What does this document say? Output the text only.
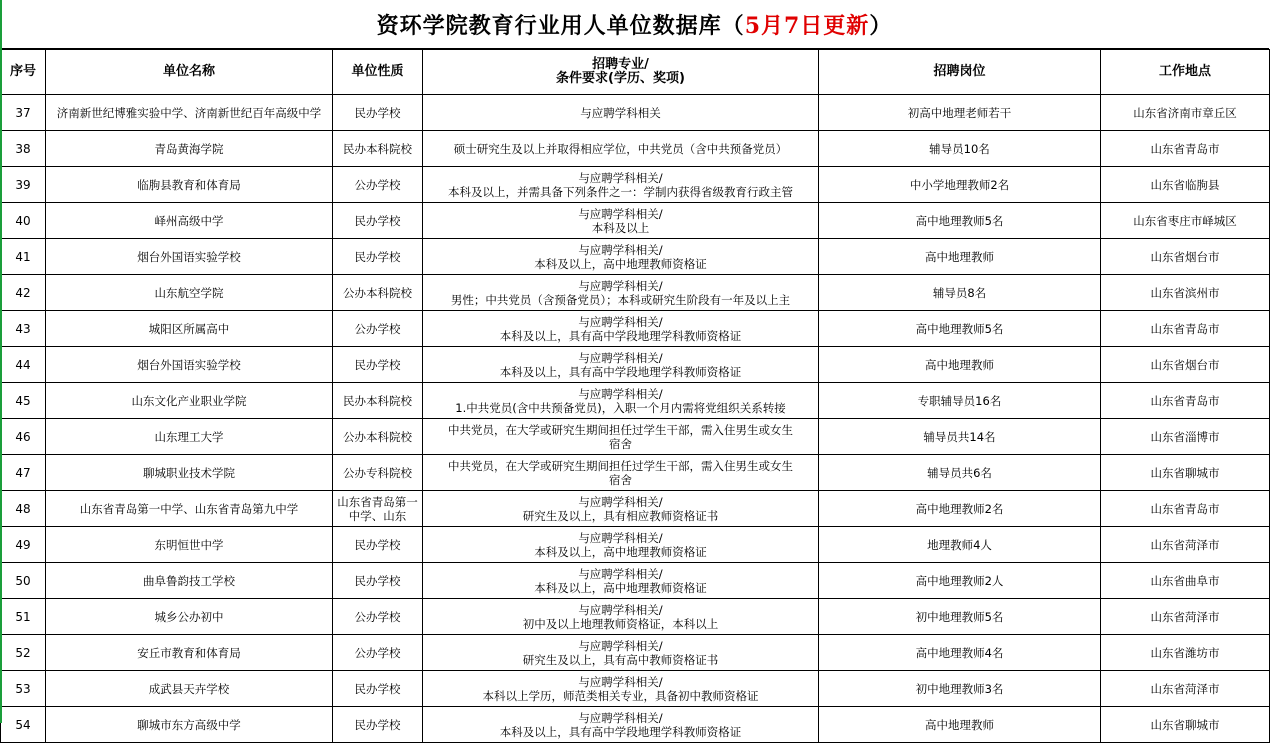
资环学院教育行业用人单位数据库（ 5月7日更新 ）
序号	单位名称	单位性质	招聘专业/
条件要求(学历、奖项)	招聘岗位	工作地点

37	济南新世纪博雅实验中学、济南新世纪百年高级中学	民办学校	与应聘学科相关	初高中地理老师若干	山东省济南市章丘区

38	青岛黄海学院	民办本科院校	硕士研究生及以上并取得相应学位，中共党员（含中共预备党员）	辅导员10名	山东省青岛市

39	临朐县教育和体育局	公办学校	与应聘学科相关/
本科及以上，并需具备下列条件之一：学制内获得省级教育行政主管	中小学地理教师2名	山东省临朐县

40	峄州高级中学	民办学校	与应聘学科相关/
本科及以上	高中地理教师5名	山东省枣庄市峄城区

41	烟台外国语实验学校	民办学校	与应聘学科相关/
本科及以上，高中地理教师资格证	高中地理教师	山东省烟台市

42	山东航空学院	公办本科院校	与应聘学科相关/
男性；中共党员（含预备党员）；本科或研究生阶段有一年及以上主	辅导员8名	山东省滨州市

43	城阳区所属高中	公办学校	与应聘学科相关/
本科及以上，具有高中学段地理学科教师资格证	高中地理教师5名	山东省青岛市

44	烟台外国语实验学校	民办学校	与应聘学科相关/
本科及以上，具有高中学段地理学科教师资格证	高中地理教师	山东省烟台市

45	山东文化产业职业学院	民办本科院校	与应聘学科相关/
1.中共党员(含中共预备党员)，入职一个月内需将党组织关系转接	专职辅导员16名	山东省青岛市

46	山东理工大学	公办本科院校	中共党员，在大学或研究生期间担任过学生干部，需入住男生或女生
宿舍	辅导员共14名	山东省淄博市

47	聊城职业技术学院	公办专科院校	中共党员，在大学或研究生期间担任过学生干部，需入住男生或女生
宿舍	辅导员共6名	山东省聊城市

48	山东省青岛第一中学、山东省青岛第九中学	山东省青岛第一中学、山东	与应聘学科相关/
研究生及以上，具有相应教师资格证书	高中地理教师2名	山东省青岛市

49	东明恒世中学	民办学校	与应聘学科相关/
本科及以上，高中地理教师资格证	地理教师4人	山东省菏泽市

50	曲阜鲁韵技工学校	民办学校	与应聘学科相关/
本科及以上，高中地理教师资格证	高中地理教师2人	山东省曲阜市

51	城乡公办初中	公办学校	与应聘学科相关/
初中及以上地理教师资格证，本科以上	初中地理教师5名	山东省菏泽市

52	安丘市教育和体育局	公办学校	与应聘学科相关/
研究生及以上，具有高中教师资格证书	高中地理教师4名	山东省潍坊市

53	成武县天卉学校	民办学校	与应聘学科相关/
本科以上学历，师范类相关专业，具备初中教师资格证	初中地理教师3名	山东省菏泽市

54	聊城市东方高级中学	民办学校	与应聘学科相关/
本科及以上，具有高中学段地理学科教师资格证	高中地理教师	山东省聊城市
